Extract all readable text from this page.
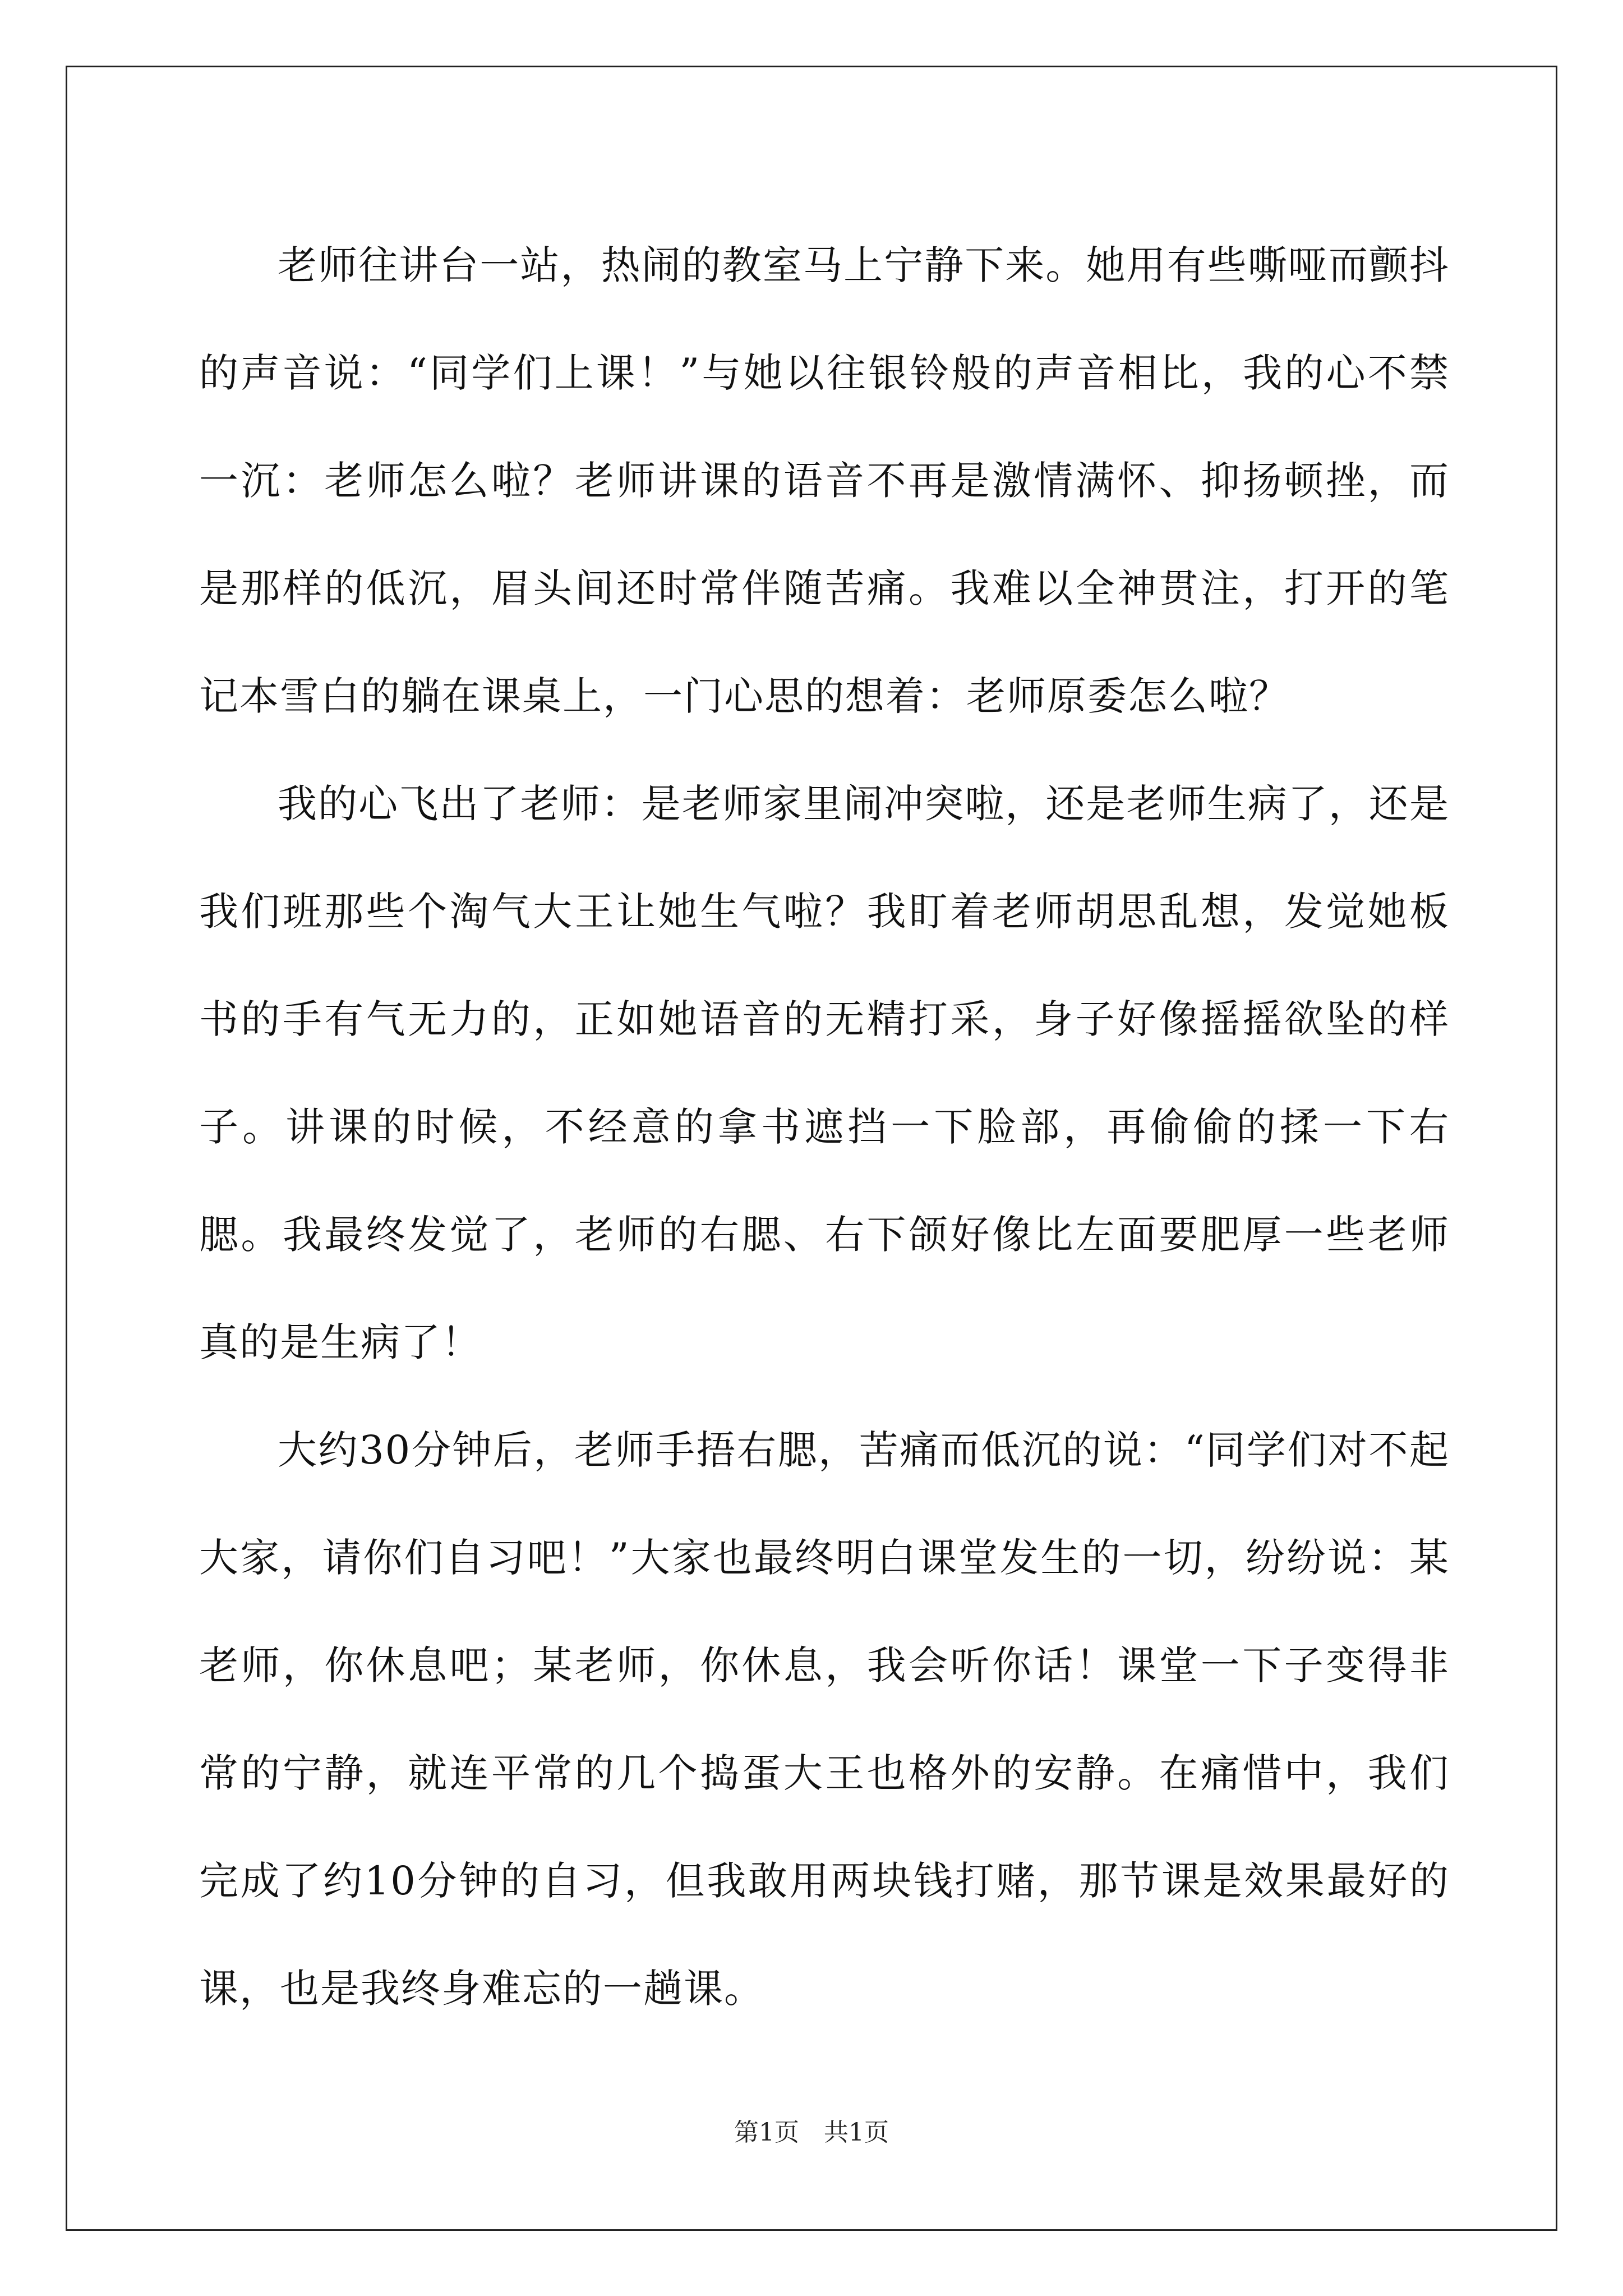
老师往讲台一站，热闹的教室马上宁静下来。她用有些嘶哑而颤抖的声音说：“同学们上课！”与她以往银铃般的声音相比，我的心不禁一沉：老师怎么啦？老师讲课的语音不再是激情满怀、抑扬顿挫，而是那样的低沉，眉头间还时常伴随苦痛。我难以全神贯注，打开的笔记本雪白的躺在课桌上，一门心思的想着：老师原委怎么啦？

我的心飞出了老师：是老师家里闹冲突啦，还是老师生病了，还是我们班那些个淘气大王让她生气啦？我盯着老师胡思乱想，发觉她板书的手有气无力的，正如她语音的无精打采，身子好像摇摇欲坠的样子。讲课的时候，不经意的拿书遮挡一下脸部，再偷偷的揉一下右腮。我最终发觉了，老师的右腮、右下颌好像比左面要肥厚一些老师真的是生病了！

大约30分钟后，老师手捂右腮，苦痛而低沉的说：“同学们对不起大家，请你们自习吧！”大家也最终明白课堂发生的一切，纷纷说：某老师，你休息吧；某老师，你休息，我会听你话！课堂一下子变得非常的宁静，就连平常的几个捣蛋大王也格外的安静。在痛惜中，我们完成了约10分钟的自习，但我敢用两块钱打赌，那节课是效果最好的课，也是我终身难忘的一趟课。

第1页　共1页
